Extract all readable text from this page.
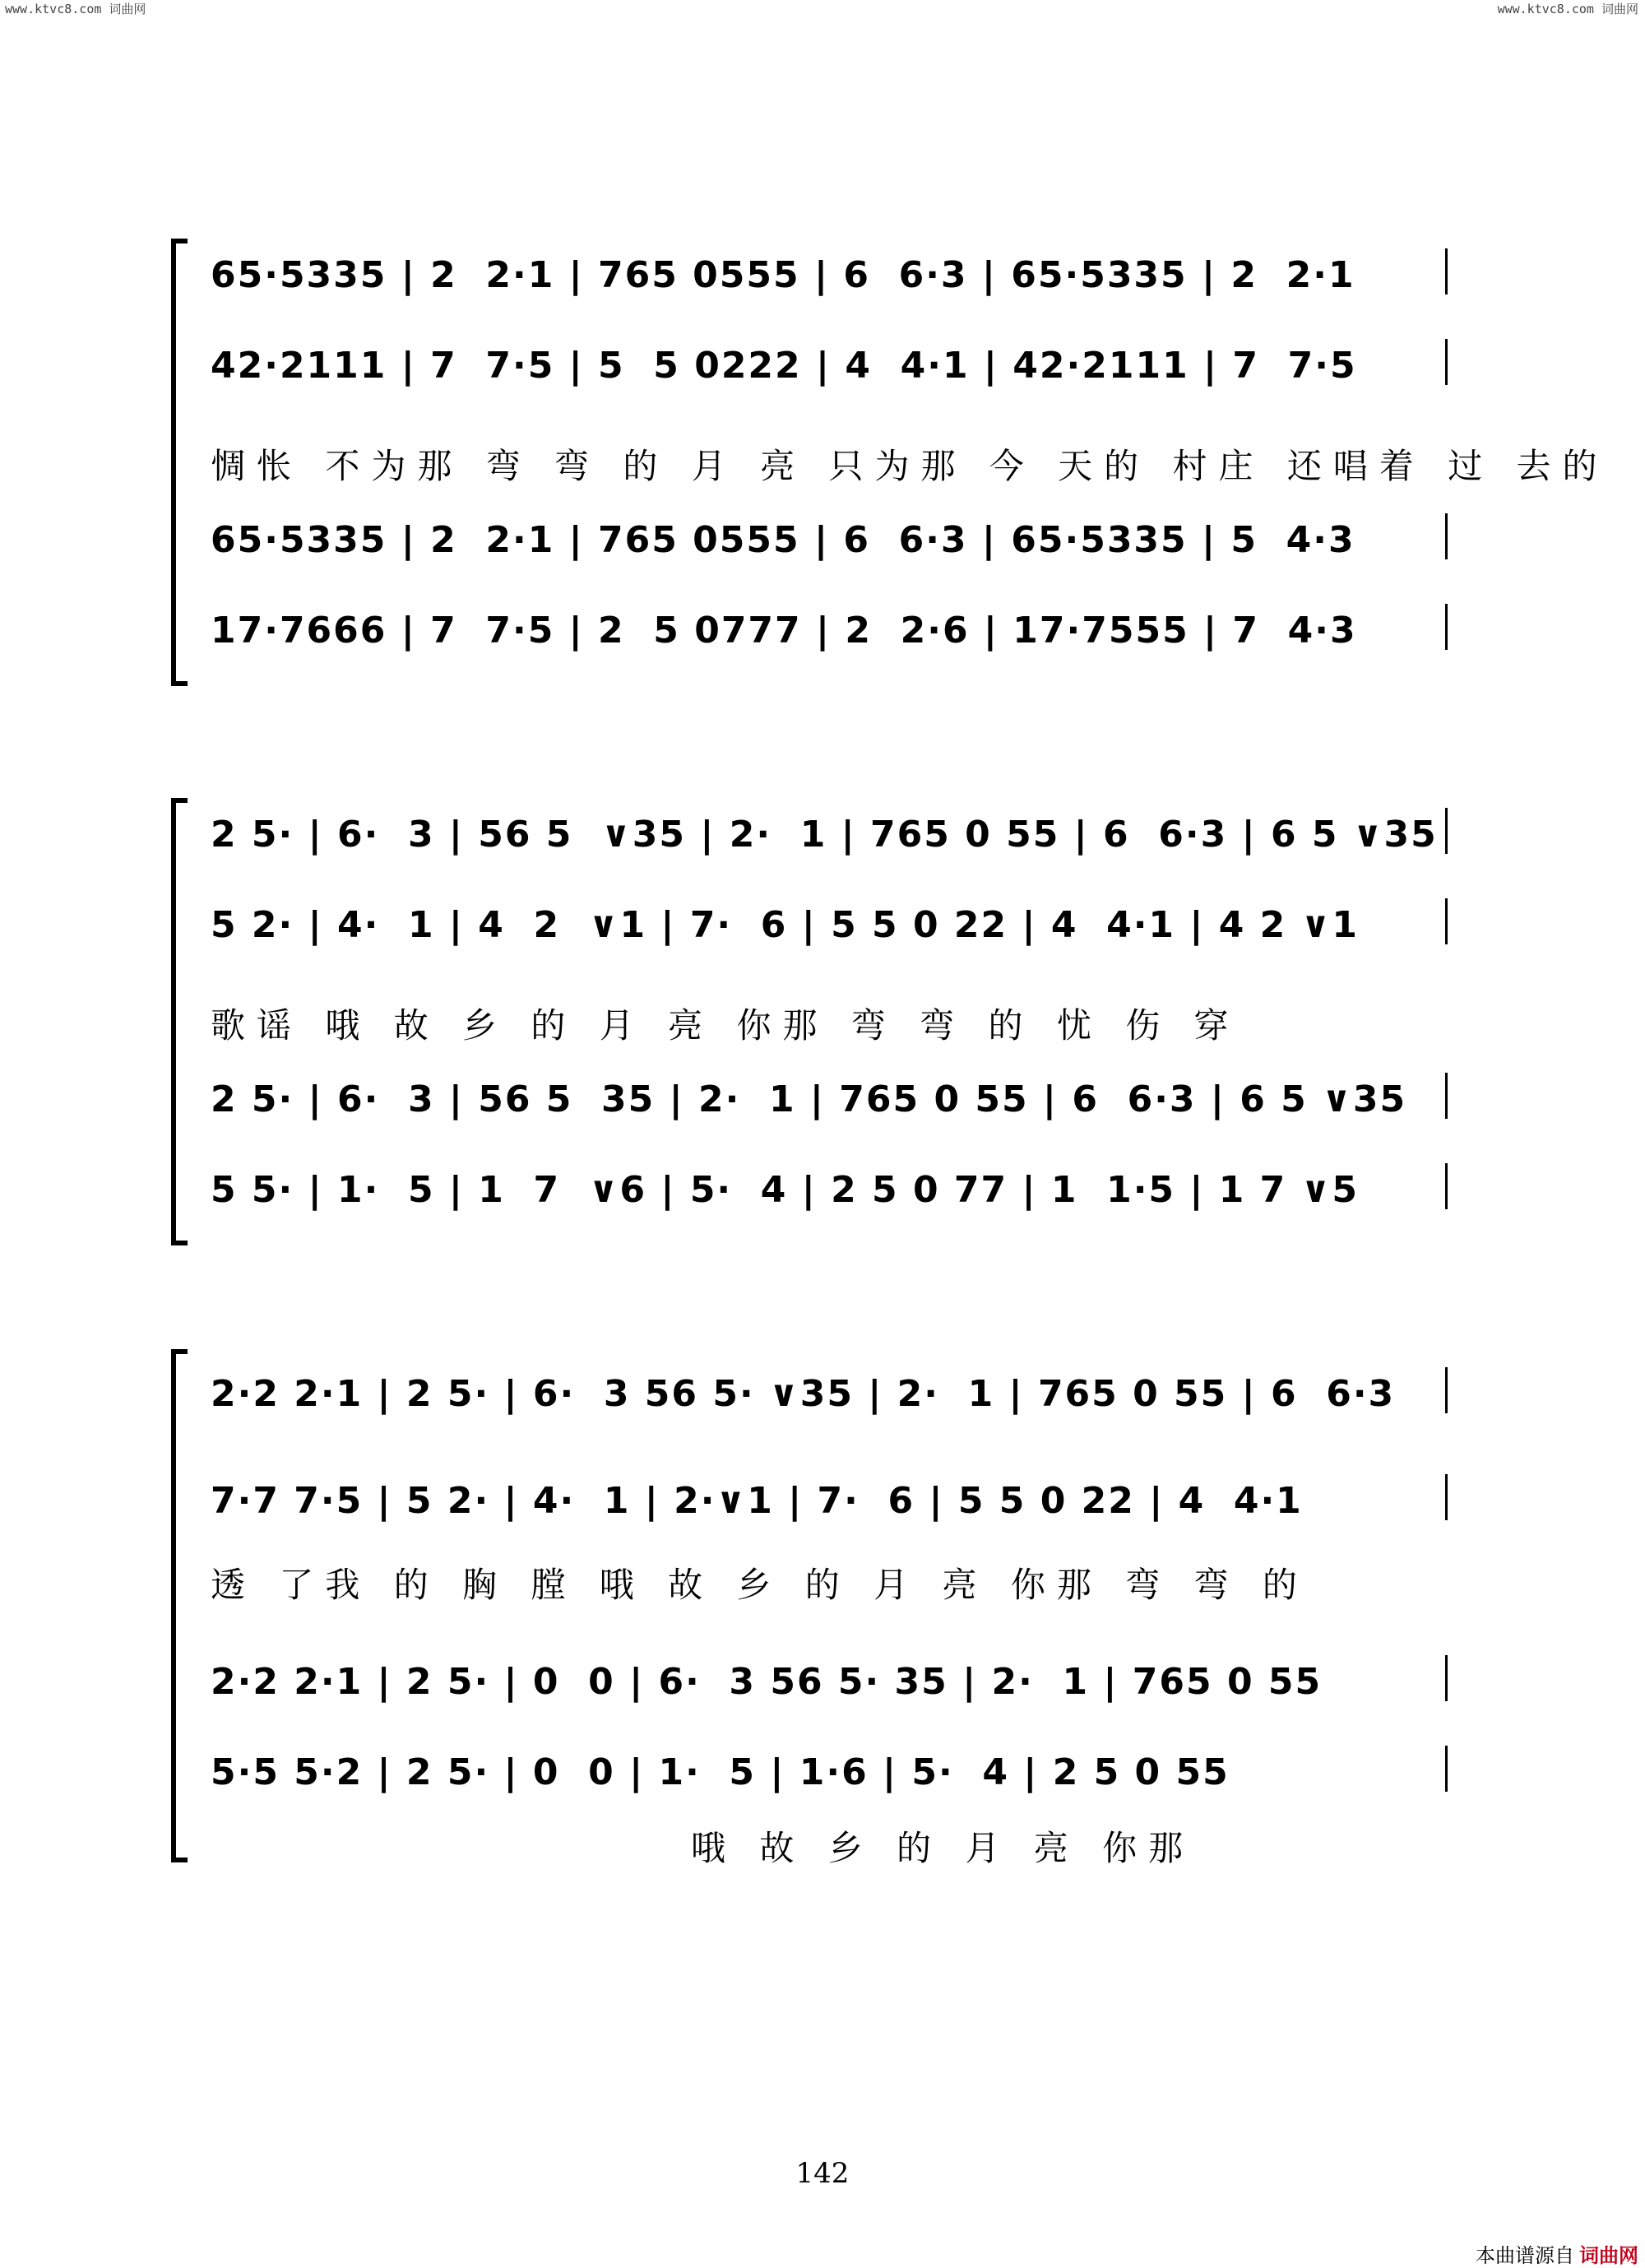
www.ktvc8.com 词曲网	www.ktvc8.com 词曲网
65·5335 | 2  2·1 | 765 0555 | 6  6·3 | 65·5335 | 2  2·1
42·2111 | 7  7·5 | 5  5 0222 | 4  4·1 | 42·2111 | 7  7·5
惆怅 不为那 弯 弯 的 月 亮 只为那 今 天的 村庄 还唱着 过 去的
65·5335 | 2  2·1 | 765 0555 | 6  6·3 | 65·5335 | 5  4·3
17·7666 | 7  7·5 | 2  5 0777 | 2  2·6 | 17·7555 | 7  4·3
2 5· | 6·  3 | 56 5  ∨35 | 2·  1 | 765 0 55 | 6  6·3 | 6 5 ∨35
5 2· | 4·  1 | 4  2  ∨1 | 7·  6 | 5 5 0 22 | 4  4·1 | 4 2 ∨1
歌谣 哦 故 乡 的 月 亮 你那 弯 弯 的 忧 伤 穿
2 5· | 6·  3 | 56 5  35 | 2·  1 | 765 0 55 | 6  6·3 | 6 5 ∨35
5 5· | 1·  5 | 1  7  ∨6 | 5·  4 | 2 5 0 77 | 1  1·5 | 1 7 ∨5
2·2 2·1 | 2 5· | 6·  3 56 5· ∨35 | 2·  1 | 765 0 55 | 6  6·3
7·7 7·5 | 5 2· | 4·  1 | 2·∨1 | 7·  6 | 5 5 0 22 | 4  4·1
透 了我 的 胸 膛 哦 故 乡 的 月 亮 你那 弯 弯 的
2·2 2·1 | 2 5· | 0  0 | 6·  3 56 5· 35 | 2·  1 | 765 0 55
5·5 5·2 | 2 5· | 0  0 | 1·  5 | 1·6 | 5·  4 | 2 5 0 55
哦 故 乡 的 月 亮 你那
142
本曲谱源自 词曲网
